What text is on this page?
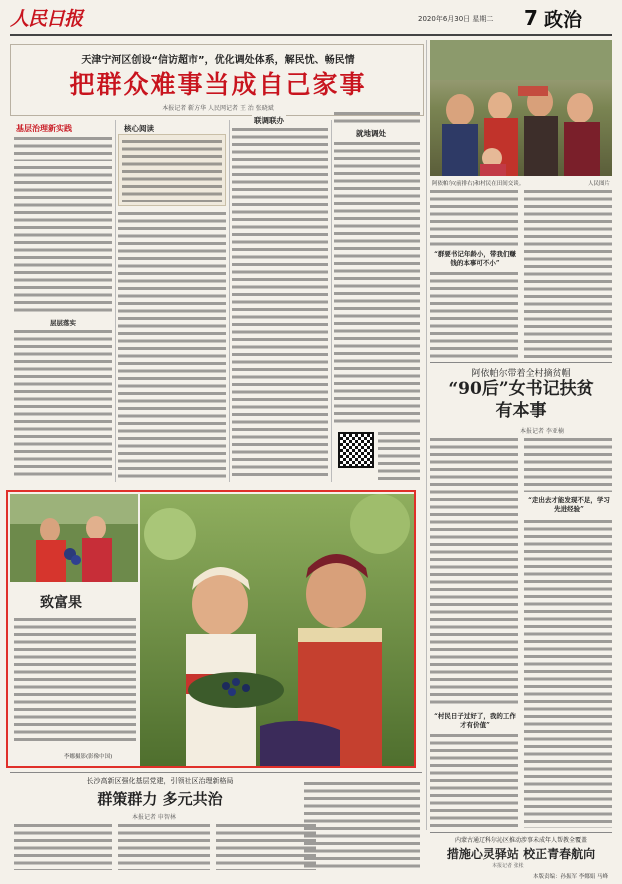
人民日报	2020年6月30日 星期二 7 政治
天津宁河区创设“信访超市”，优化调处体系，解民忧、畅民情
把群众难事当成自己家事
本报记者 靳方华 人民网记者 王 治 张晓斌
基层治理新实践
层层落实
核心阅读
联调联办
就地调处
阿依帕尔(前排右)和村民在田间交谈。	人民图片
“群要书记年龄小，带我们赚钱的本事可不小”
阿依帕尔带着全村摘贫帽
“90后”女书记扶贫有本事
本报记者 李亚楠
“村民日子过好了，我的工作才有价值”
“走出去才能发现不足，学习先进经验”
致富果
李娜摄影(影像中国)
长沙高新区强化基层党建，引领社区治理新格局
群策群力 多元共治
本报记者 申智林
内蒙古通辽科尔沁区推动涉事未成年人帮教全覆盖
措施心灵驿站 校正青春航向
本报记者 张枨
本版责编：孙振军 李娜娟 马峰
